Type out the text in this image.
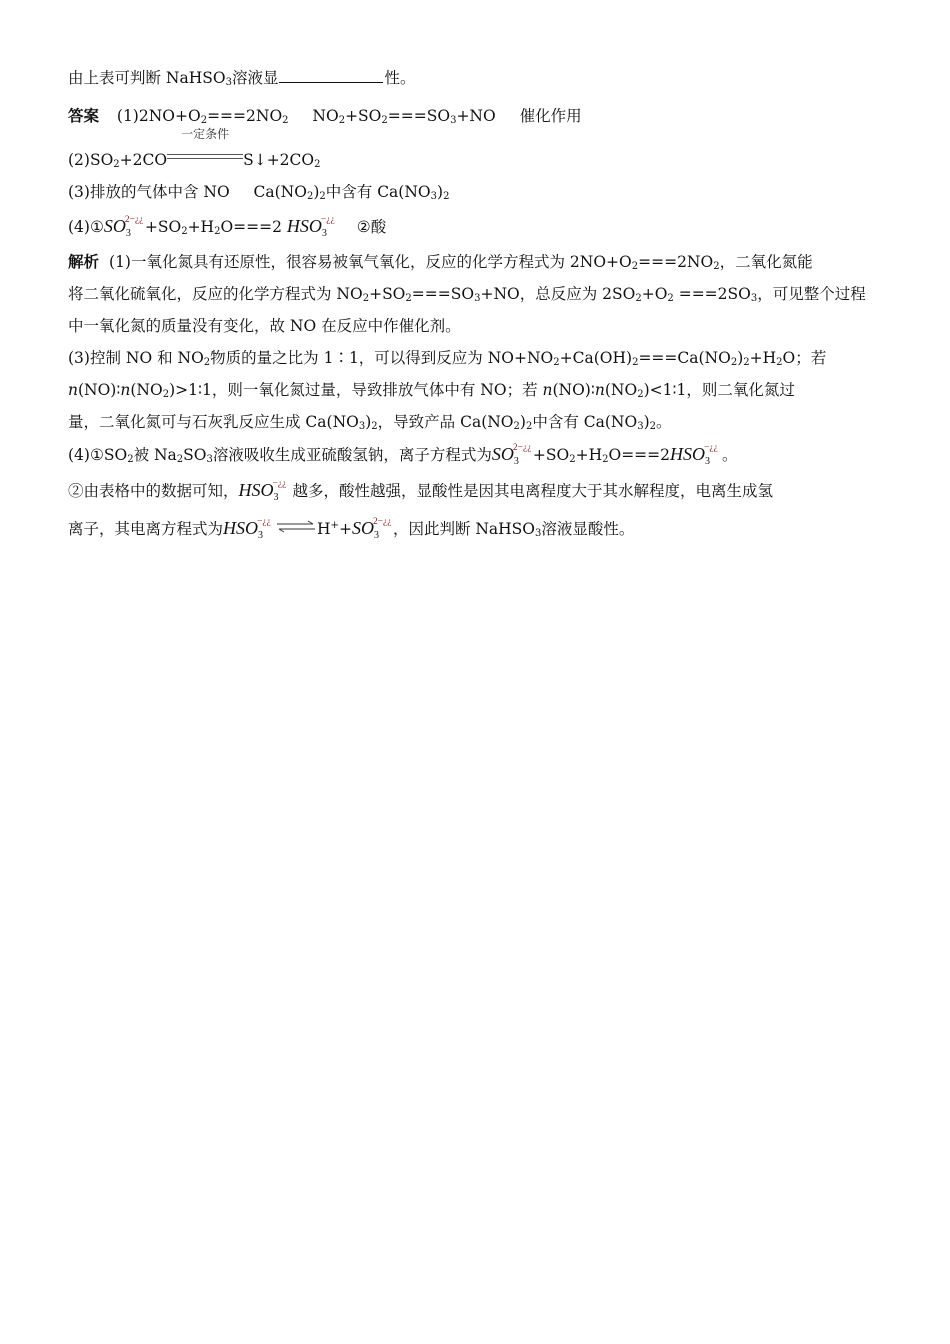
由上表可判断 NaHSO$_3$溶液显	性。
答案 $(1)2NO+O_2===2NO_2$ $NO_2+SO_2===SO_3+NO$ 催化作用
$(2)SO_2+2CO$
一定条件
$S↓+2CO_2$
(3)排放的气体中含 NO $Ca(NO_2)_2$中含有 $Ca(NO_3)_2$
$(4)①SO_3$
2−¿¿ $+SO_2+H_2O===2$ $HSO_3$
−¿¿ ②酸
解析 (1)一氧化氮具有还原性，很容易被氧气氧化，反应的化学方程式为 $2NO+O_2===2NO_2$，二氧化氮能
将二氧化硫氧化，反应的化学方程式为 $NO_2+SO_2===SO_3+NO$，总反应为 $2SO_2+O_2 ===2SO_3$，可见整个过程
中一氧化氮的质量没有变化，故 NO 在反应中作催化剂。
(3)控制 NO 和 $NO_2$物质的量之比为 1∶1，可以得到反应为 $NO+NO_2+Ca(OH)_2===Ca(NO_2)_2+H_2O$；若
$n(NO)∶n(NO_2)>1∶1$，则一氧化氮过量，导致排放气体中有 NO；若 $n(NO)∶n(NO_2)<1∶1$，则二氧化氮过
量，二氧化氮可与石灰乳反应生成 $Ca(NO_3)_2$，导致产品 $Ca(NO_2)_2$中含有 $Ca(NO_3)_2$。
$(4)①SO_2$被 $Na_2SO_3$溶液吸收生成亚硫酸氢钠，离子方程式为$SO_3$
2−¿¿ $+SO_2+H_2O===2HSO_3$
−¿¿ 。
②由表格中的数据可知，$HSO_3$
−¿¿ 越多，酸性越强，显酸性是因其电离程度大于其水解程度，电离生成氢
离子，其电离方程式为$HSO_3$
−¿¿ $\rightleftharpoons H^++SO_3$
2−¿¿ ，因此判断 NaHSO$_3$溶液显酸性。
